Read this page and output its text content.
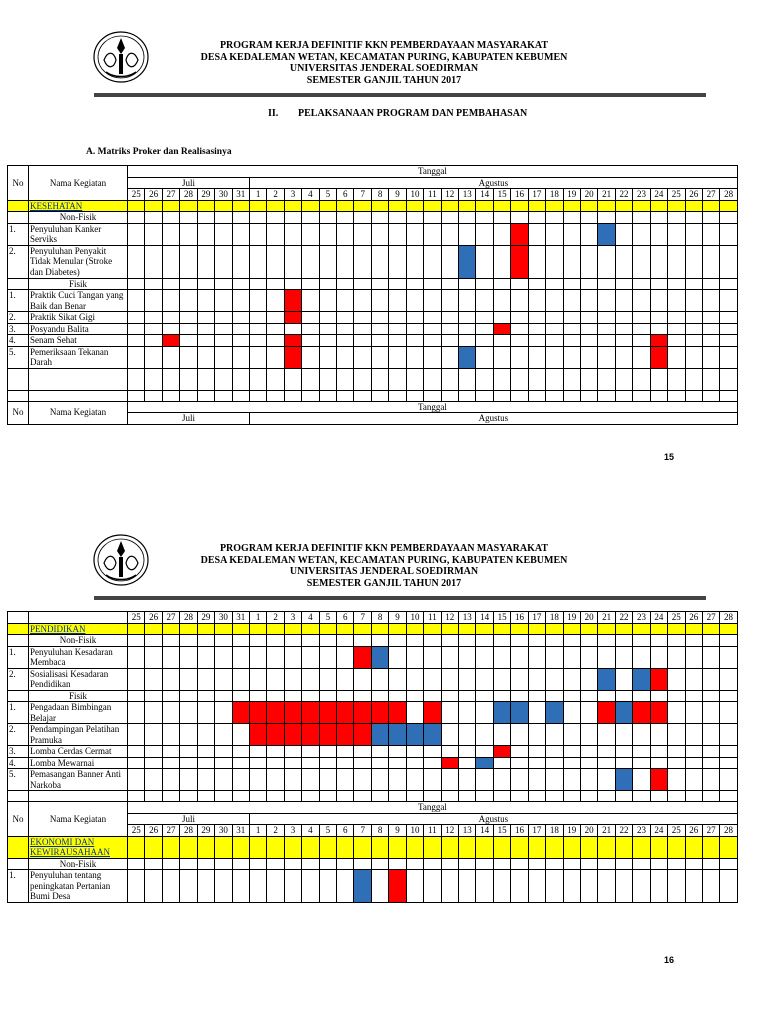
PROGRAM KERJA DEFINITIF KKN PEMBERDAYAAN MASYARAKAT
DESA KEDALEMAN WETAN, KECAMATAN PURING, KABUPATEN KEBUMEN
UNIVERSITAS JENDERAL SOEDIRMAN
SEMESTER GANJIL TAHUN 2017
II. PELAKSANAAN PROGRAM DAN PEMBAHASAN
A. Matriks Proker dan Realisasinya
No	Nama Kegiatan	Tanggal																																		
		Juli							Agustus																											
		25	26	27	28	29	30	31	1	2	3	4	5	6	7	8	9	10	11	12	13	14	15	16	17	18	19	20	21	22	23	24	25	26	27	28
	KESEHATAN																																			
	Non-Fisik																																			
1.	Penyuluhan Kanker Serviks																																			
2.	Penyuluhan Penyakit Tidak Menular (Stroke dan Diabetes)																																			
	Fisik																																			
1.	Praktik Cuci Tangan yang Baik dan Benar																																			
2.	Praktik Sikat Gigi																																			
3.	Posyandu Balita																																			
4.	Senam Sehat																																			
5.	Pemeriksaan Tekanan Darah																																			

No	Nama Kegiatan	Tanggal																																		
		Juli							Agustus																											
15
PROGRAM KERJA DEFINITIF KKN PEMBERDAYAAN MASYARAKAT
DESA KEDALEMAN WETAN, KECAMATAN PURING, KABUPATEN KEBUMEN
UNIVERSITAS JENDERAL SOEDIRMAN
SEMESTER GANJIL TAHUN 2017
		25	26	27	28	29	30	31	1	2	3	4	5	6	7	8	9	10	11	12	13	14	15	16	17	18	19	20	21	22	23	24	25	26	27	28
	PENDIDIKAN																																			
	Non-Fisik																																			
1.	Penyuluhan Kesadaran Membaca																																			
2.	Sosialisasi Kesadaran Pendidikan																																			
	Fisik																																			
1.	Pengadaan Bimbingan Belajar																																			
2.	Pendampingan Pelatihan Pramuka																																			
3.	Lomba Cerdas Cermat																																			
4.	Lomba Mewarnai																																			
5.	Pemasangan Banner Anti Narkoba																																			

No	Nama Kegiatan	Tanggal																																		
		Juli							Agustus																											
		25	26	27	28	29	30	31	1	2	3	4	5	6	7	8	9	10	11	12	13	14	15	16	17	18	19	20	21	22	23	24	25	26	27	28
	EKONOMI DAN KEWIRAUSAHAAN																																			
	Non-Fisik																																			
1.	Penyuluhan tentang peningkatan Pertanian Bumi Desa																																			
16
